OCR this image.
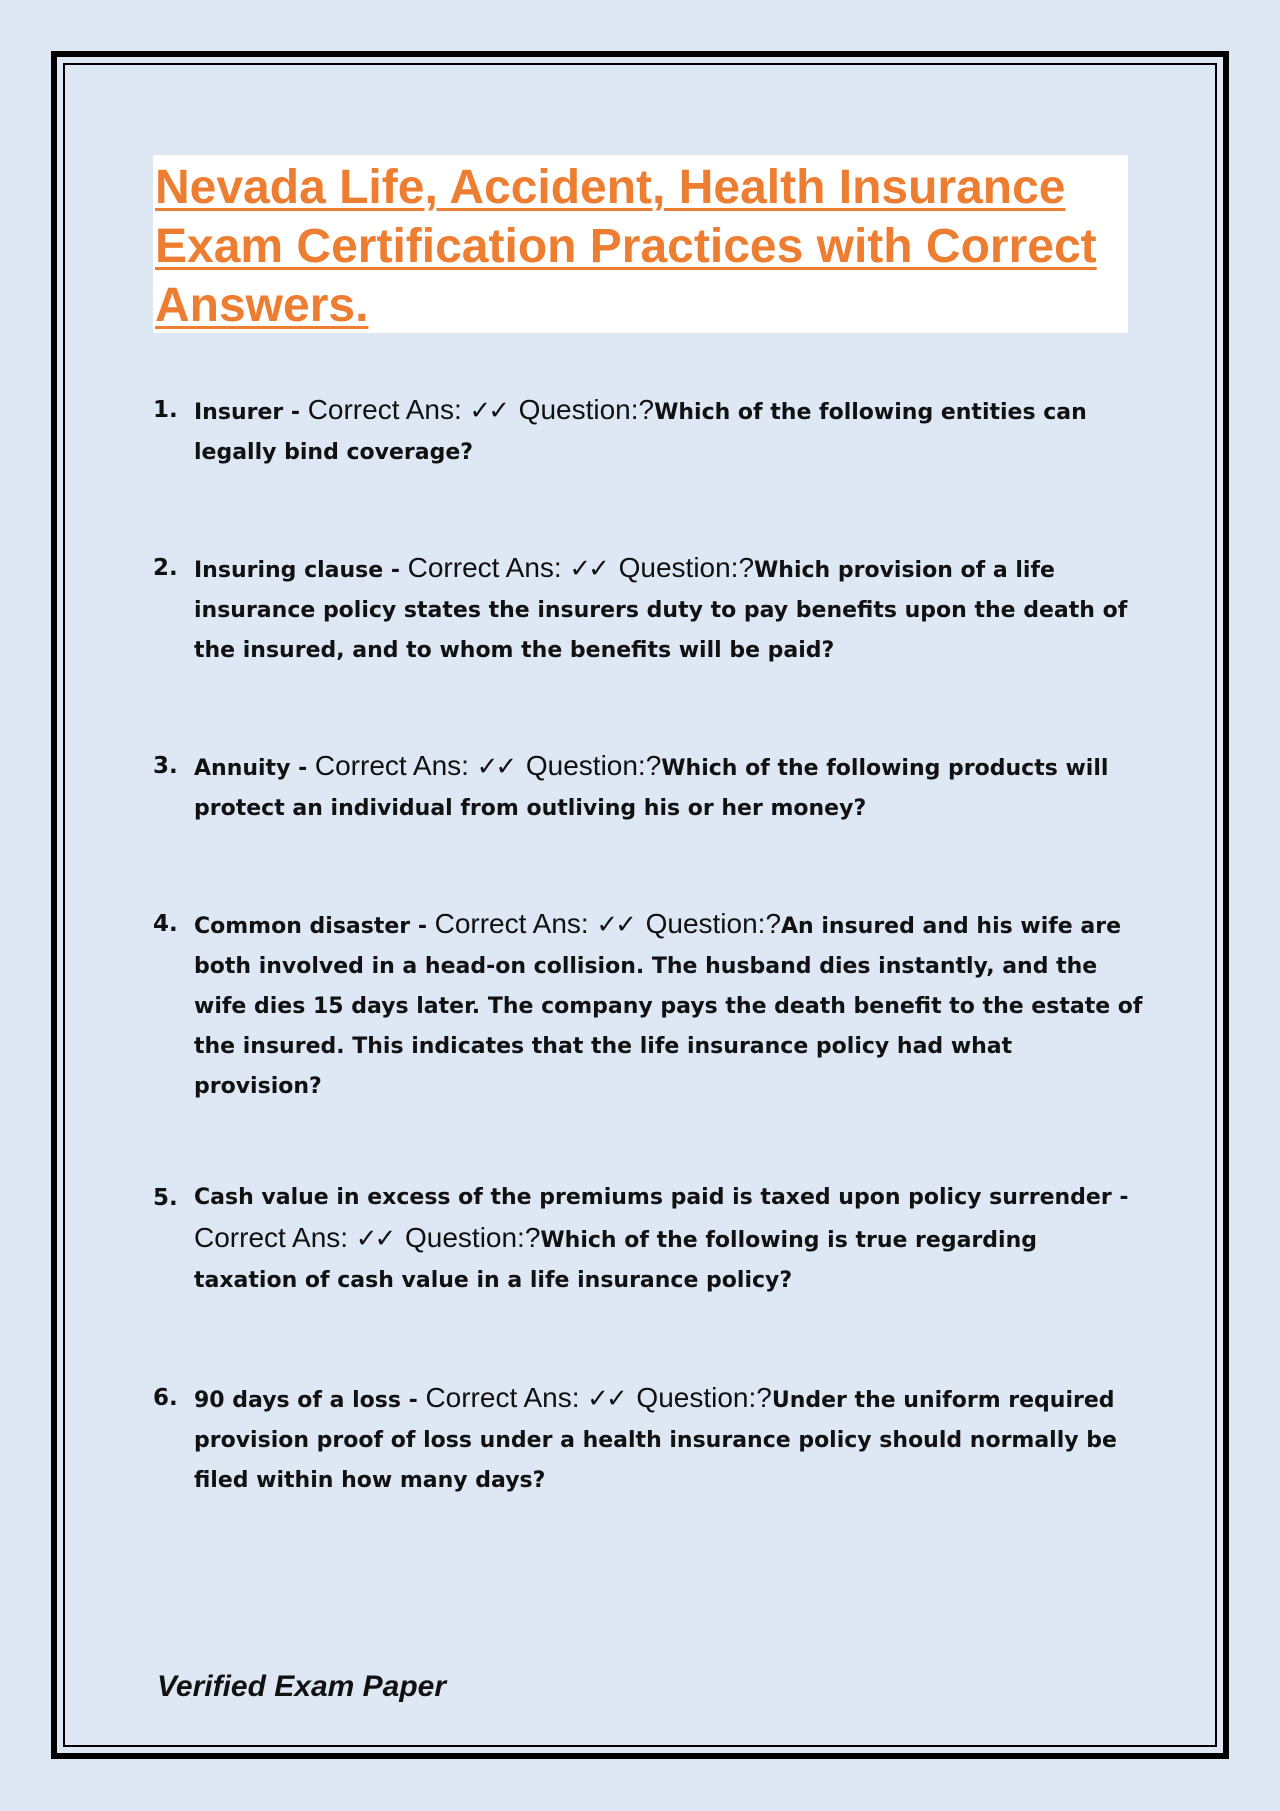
Nevada Life, Accident, Health Insurance Exam Certification Practices with Correct Answers.
1. Insurer - Correct Ans: ✓✓ Question:?Which of the following entities can legally bind coverage?
2. Insuring clause - Correct Ans: ✓✓ Question:?Which provision of a life insurance policy states the insurers duty to pay benefits upon the death of the insured, and to whom the benefits will be paid?
3. Annuity - Correct Ans: ✓✓ Question:?Which of the following products will protect an individual from outliving his or her money?
4. Common disaster - Correct Ans: ✓✓ Question:?An insured and his wife are both involved in a head-on collision. The husband dies instantly, and the wife dies 15 days later. The company pays the death benefit to the estate of the insured. This indicates that the life insurance policy had what provision?
5. Cash value in excess of the premiums paid is taxed upon policy surrender - Correct Ans: ✓✓ Question:?Which of the following is true regarding taxation of cash value in a life insurance policy?
6. 90 days of a loss - Correct Ans: ✓✓ Question:?Under the uniform required provision proof of loss under a health insurance policy should normally be filed within how many days?
Verified Exam Paper
